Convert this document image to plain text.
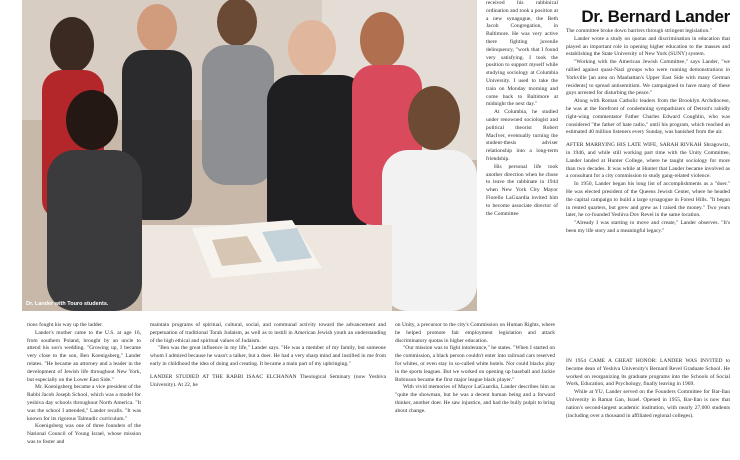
Dr. Lander with Touro students.
Dr. Bernard Lander

received his rabbinical ordination and took a position at a new synagogue, the Beth Jacob Congregation, in Baltimore. He was very active there fighting juvenile delinquency, "work that I found very satisfying. I took the position to support myself while studying sociology at Columbia University. I used to take the train on Monday morning and come back to Baltimore at midnight the next day."

At Columbia, he studied under renowned sociologist and political theorist Robert MacIver, eventually turning the student-thesis adviser relationship into a long-term friendship.

His personal life took another direction when he chose to leave the rabbinate in 1944 when New York City Mayor Fiorello LaGuardia invited him to become associate director of the Committee

The committee broke down barriers through stringent legislation."

Lander wrote a study on quotas and discrimination in education that played an important role in opening higher education to the masses and establishing the State University of New York (SUNY) system.

"Working with the American Jewish Committee," says Lander, "we rallied against quasi-Nazi groups who were running demonstrations in Yorkville [an area on Manhattan's Upper East Side with many German residents] to spread antisemitism. We campaigned to have many of these guys arrested for disturbing the peace."

Along with Roman Catholic leaders from the Brooklyn Archdiocese, he was at the forefront of condemning sympathizers of Detroit's rabidly right-wing commentator Father Charles Edward Coughlin, who was considered "the father of hate radio," until his program, which reached an estimated 40 million listeners every Sunday, was banished from the air.

AFTER MARRYING HIS LATE WIFE, SARAH RIVKAH Shragowitz, in 1946, and while still working part time with the Unity Committee, Lander landed at Hunter College, where he taught sociology for more than two decades. It was while at Hunter that Lander became involved as a consultant for a city commission to study gang-related violence.

In 1950, Lander began his long list of accomplishments as a "doer." He was elected president of the Queens Jewish Center, where he headed the capital campaign to build a large synagogue in Forest Hills. "It began in rented quarters, but grew and grew as I raised the money." Two years later, he co-founded Yeshiva Dov Revel in the same location.

"Already I was starting to move and create," Lander observes. "It's been my life story and a meaningful legacy."

tions fought his way up the ladder.

Lander's mother came to the U.S. at age 16, from southern Poland, brought by an uncle to attend his son's wedding. "Growing up, I became very close to the son, Ben Koenigsberg," Lander relates. "He became an attorney and a leader in the development of Jewish life throughout New York, but especially on the Lower East Side."

Mr. Koenigsberg became a vice president of the Rabbi Jacob Joseph School, which was a model for yeshiva day schools throughout North America. "It was the school I attended," Lander recalls. "It was known for its rigorous Talmudic curriculum."

Koenigsberg was one of three founders of the National Council of Young Israel, whose mission was to foster and

maintain programs of spiritual, cultural, social, and communal activity toward the advancement and perpetuation of traditional Torah Judaism, as well as to instill in American Jewish youth an understanding of the high ethical and spiritual values of Judaism.

"Ben was the great influence in my life," Lander says. "He was a member of my family, but someone whom I admired because he wasn't a talker, but a doer. He had a very sharp mind and instilled in me from early in childhood the idea of doing and creating. It became a main part of my upbringing."

LANDER STUDIED AT THE RABBI ISAAC ELCHANAN Theological Seminary (now Yeshiva University). At 22, he

on Unity, a precursor to the city's Commission on Human Rights, where he helped promote fair employment legislation and attack discriminatory quotas in higher education.

"Our mission was to fight intolerance," he states. "When I started on the commission, a black person couldn't enter into railroad cars reserved for whites, or even stay in so-called white hotels. Nor could blacks play in the sports leagues. But we worked on opening up baseball and Jackie Robinson became the first major league black player."

With vivid memories of Mayor LaGuardia, Lander describes him as "quite the showman, but he was a decent human being and a forward thinker, another doer. He saw injustice, and had the bully pulpit to bring about change.

IN 1954 CAME A GREAT HONOR: LANDER WAS INVITED to become dean of Yeshiva University's Bernard Revel Graduate School. He worked on reorganizing its graduate programs into the Schools of Social Work, Education, and Psychology, finally leaving in 1969.

While at YU, Lander served on the Founders Committee for Bar-Ilan University in Ramat Gan, Israel. Opened in 1955, Bar-Ilan is now that nation's second-largest academic institution, with nearly 27,000 students (including over a thousand in affiliated regional colleges).
